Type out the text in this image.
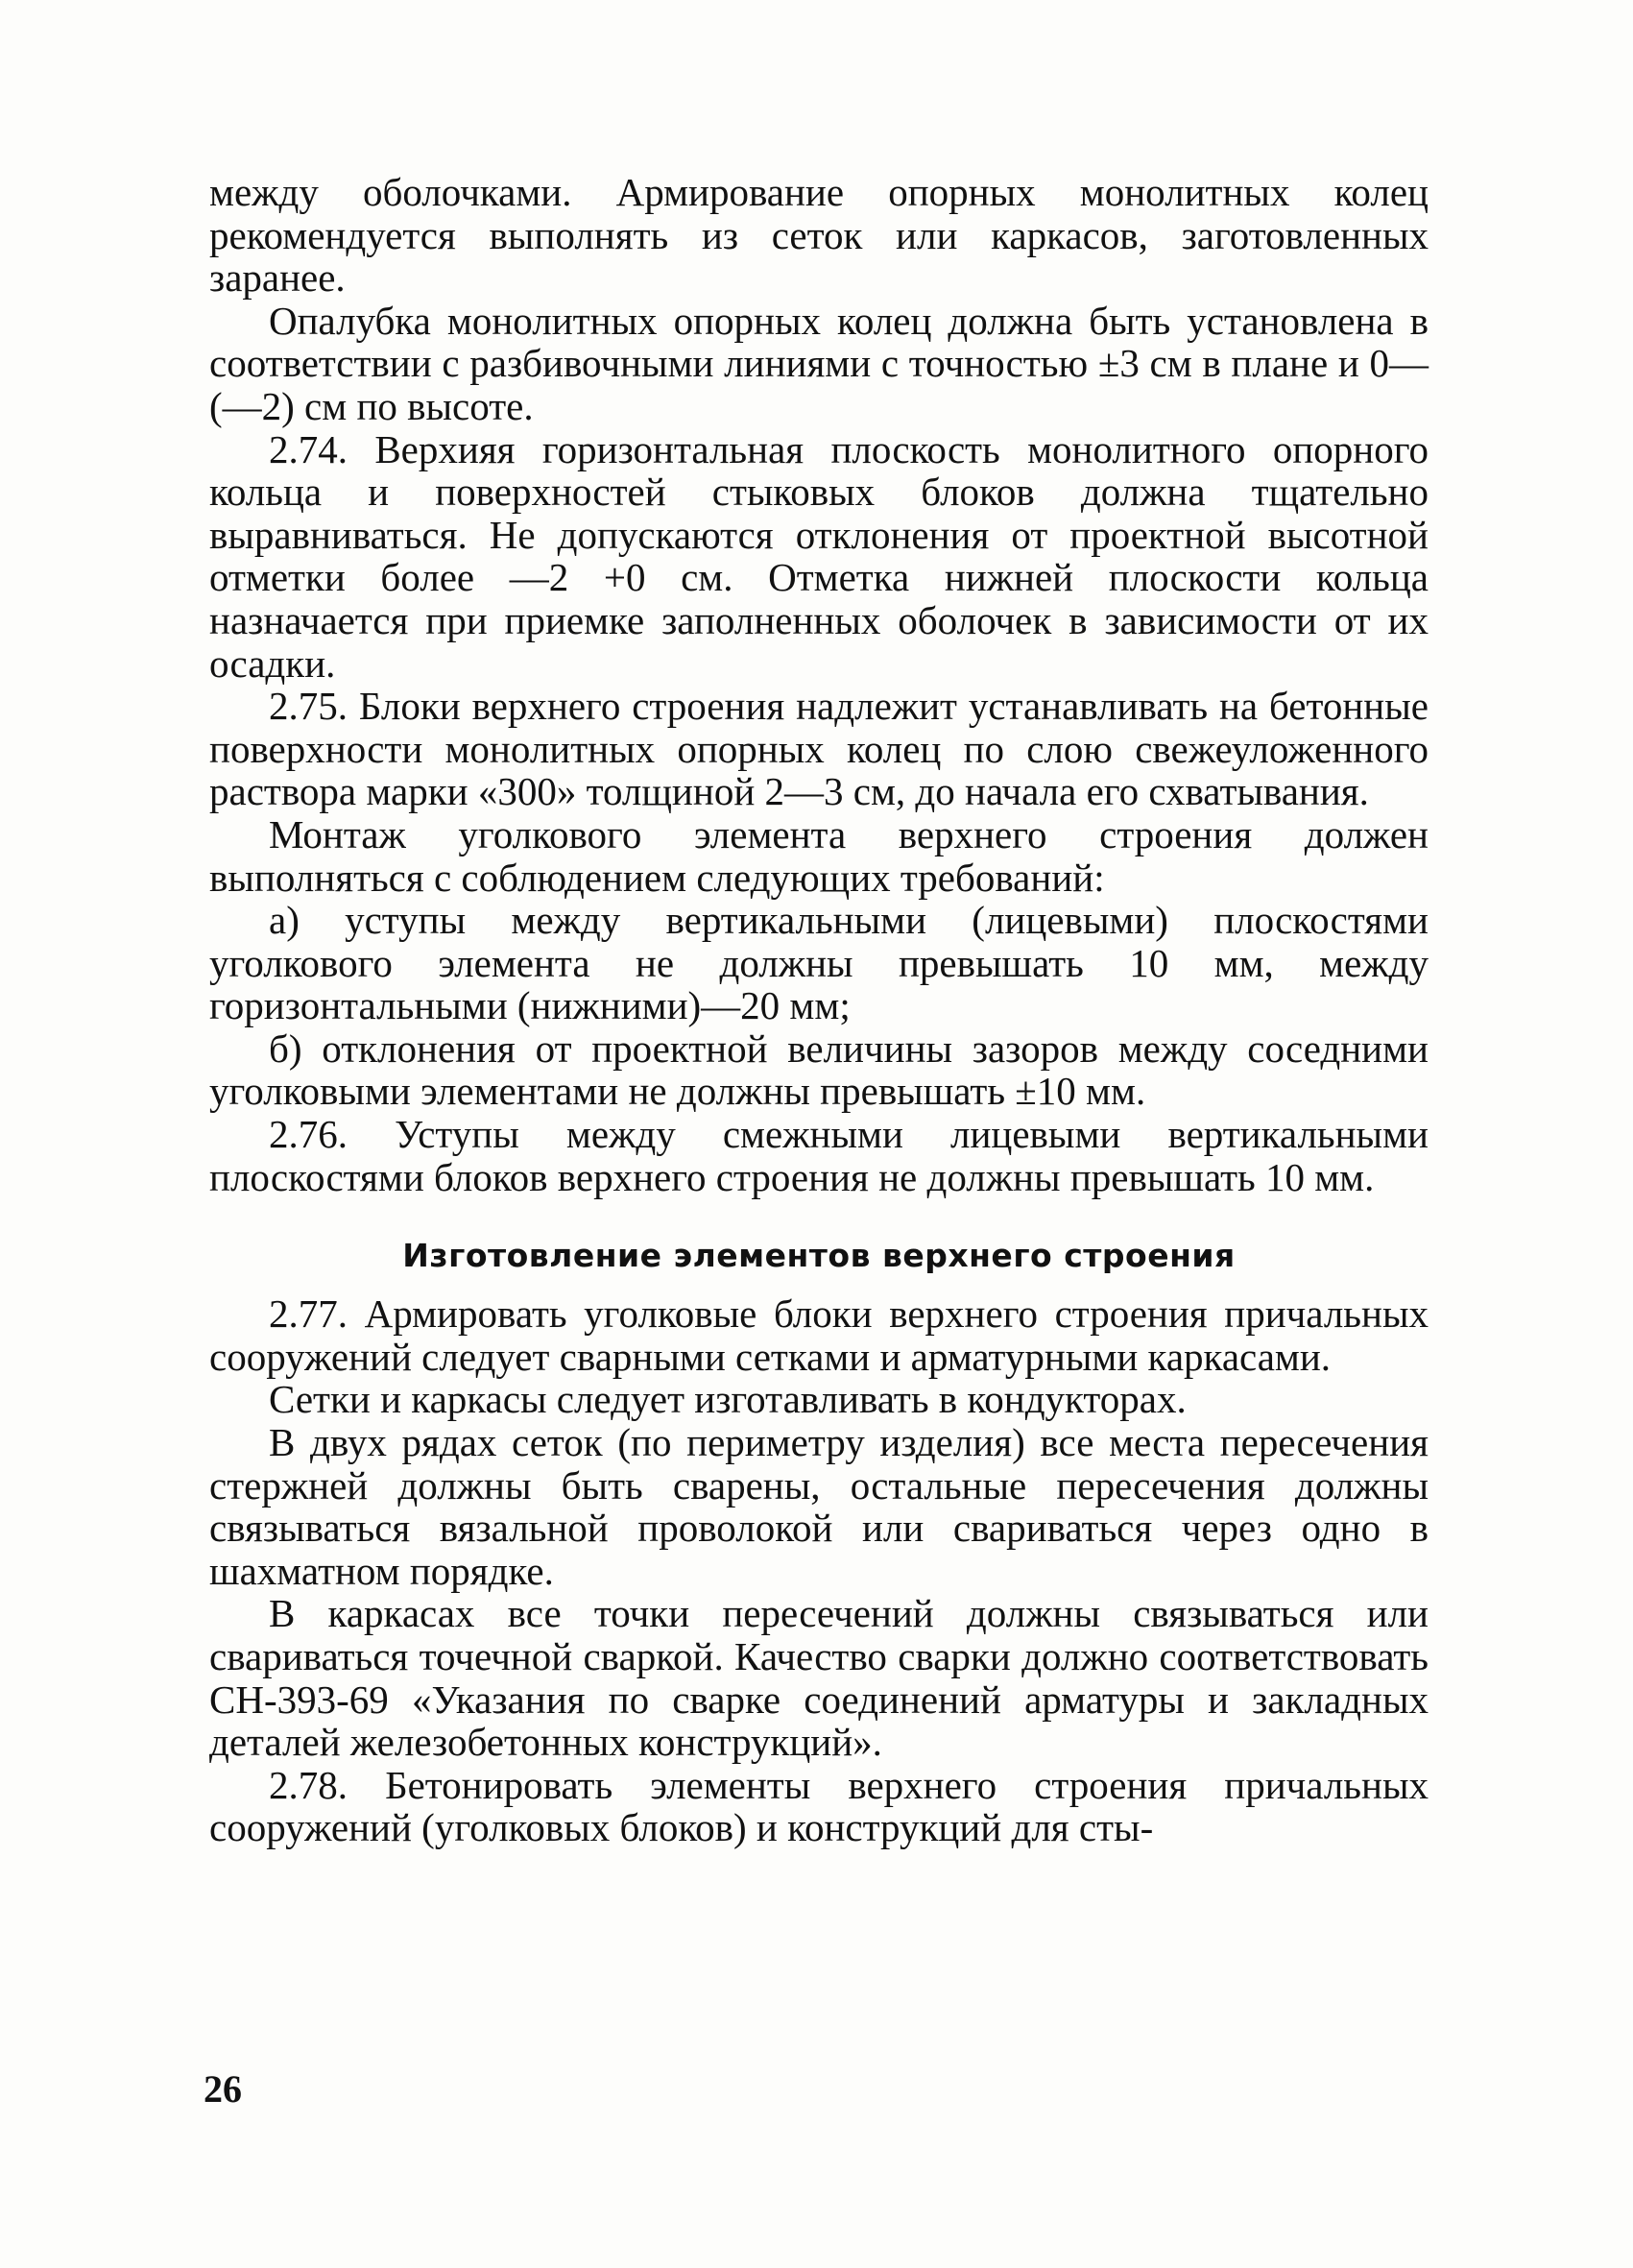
между оболочками. Армирование опорных монолитных колец рекомендуется выполнять из сеток или каркасов, заготовленных заранее.

Опалубка монолитных опорных колец должна быть установлена в соответствии с разбивочными линиями с точностью ±3 см в плане и 0—(—2) см по высоте.

2.74. Верхияя горизонтальная плоскость монолитного опорного кольца и поверхностей стыковых блоков должна тщательно выравниваться. Не допускаются отклонения от проектной высотной отметки более —2 +0 см. Отметка нижней плоскости кольца назначается при приемке заполненных оболочек в зависимости от их осадки.

2.75. Блоки верхнего строения надлежит устанавливать на бетонные поверхности монолитных опорных колец по слою свежеуложенного раствора марки «300» толщиной 2—3 см, до начала его схватывания.

Монтаж уголкового элемента верхнего строения должен выполняться с соблюдением следующих требований:

а) уступы между вертикальными (лицевыми) плоскостями уголкового элемента не должны превышать 10 мм, между горизонтальными (нижними)—20 мм;

б) отклонения от проектной величины зазоров между соседними уголковыми элементами не должны превышать ±10 мм.

2.76. Уступы между смежными лицевыми вертикальными плоскостями блоков верхнего строения не должны превышать 10 мм.

Изготовление элементов верхнего строения

2.77. Армировать уголковые блоки верхнего строения причальных сооружений следует сварными сетками и арматурными каркасами.

Сетки и каркасы следует изготавливать в кондукторах.

В двух рядах сеток (по периметру изделия) все места пересечения стержней должны быть сварены, остальные пересечения должны связываться вязальной проволокой или свариваться через одно в шахматном порядке.

В каркасах все точки пересечений должны связываться или свариваться точечной сваркой. Качество сварки должно соответствовать СН-393-69 «Указания по сварке соединений арматуры и закладных деталей железобетонных конструкций».

2.78. Бетонировать элементы верхнего строения причальных сооружений (уголковых блоков) и конструкций для сты-

26
